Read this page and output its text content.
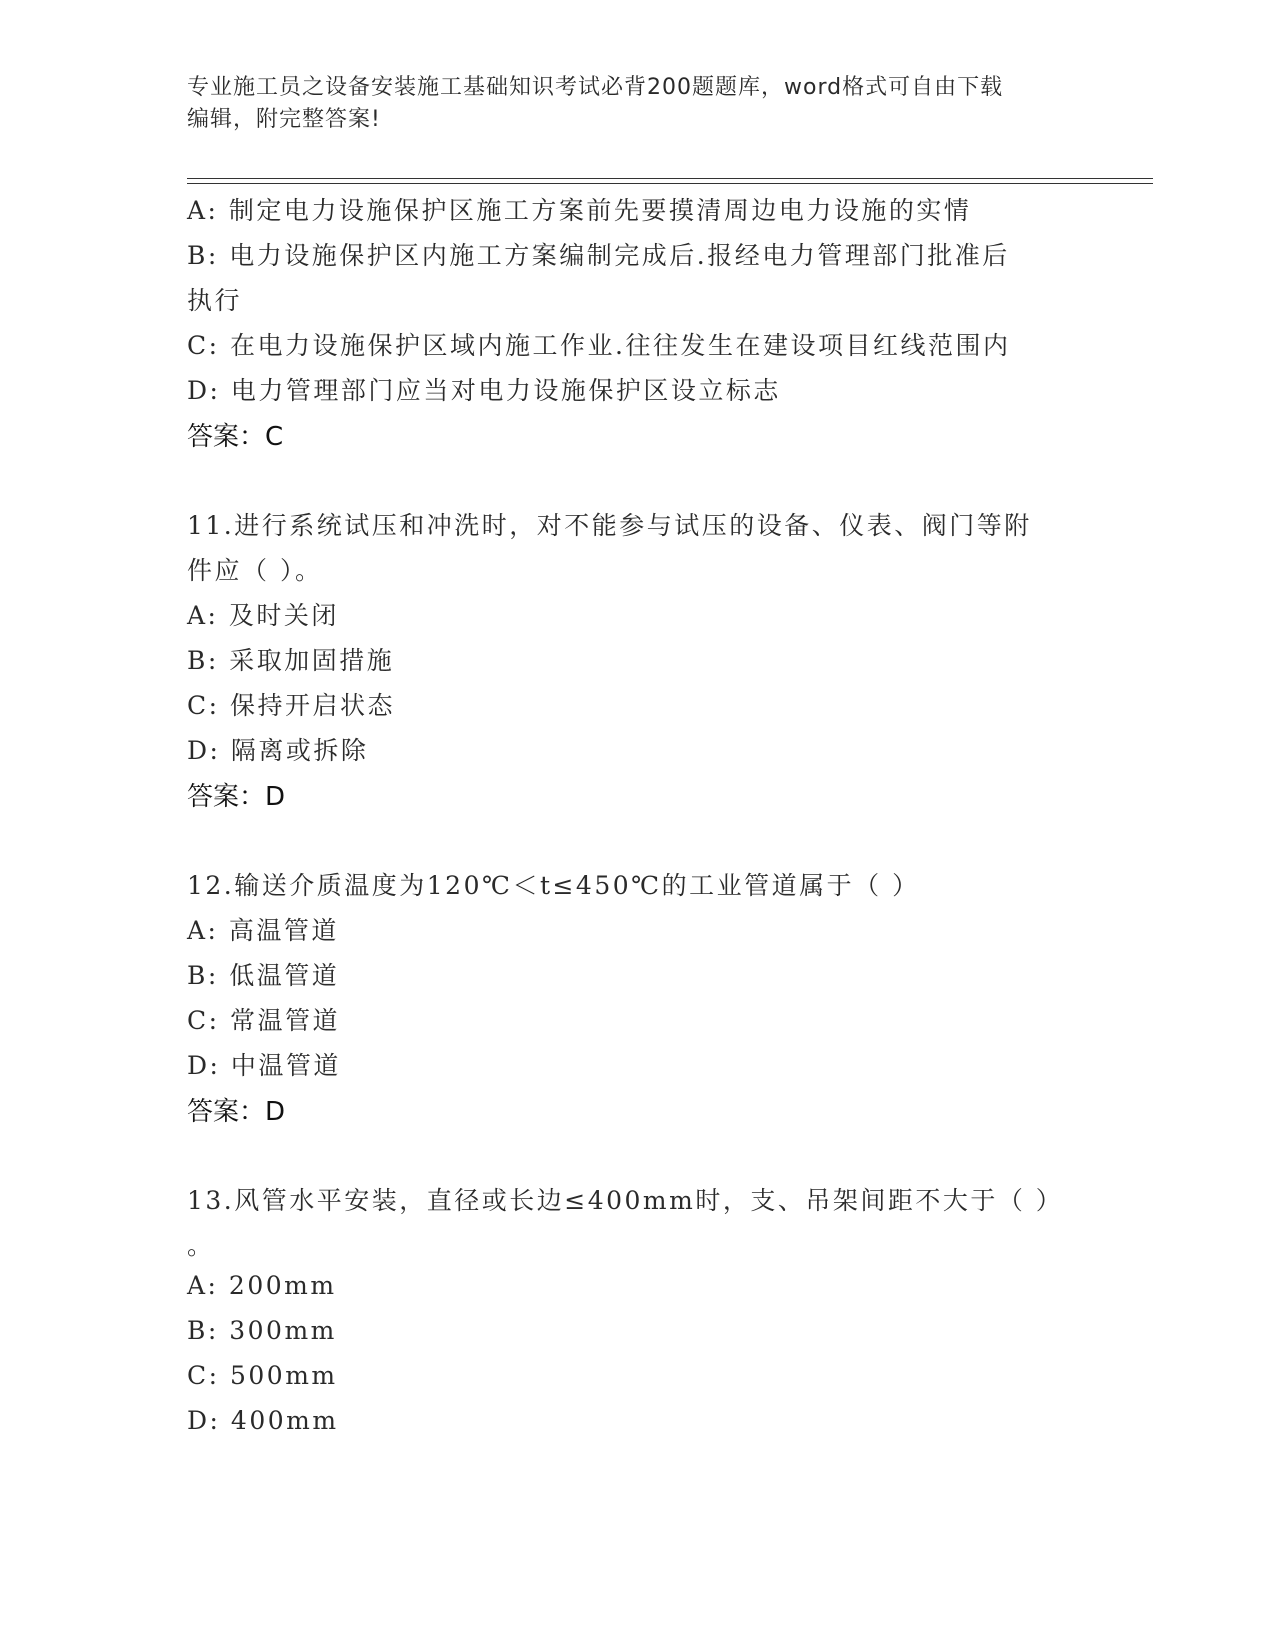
专业施工员之设备安装施工基础知识考试必背200题题库，word格式可自由下载
编辑，附完整答案!
A: 制定电力设施保护区施工方案前先要摸清周边电力设施的实情
B: 电力设施保护区内施工方案编制完成后.报经电力管理部门批准后
执行
C: 在电力设施保护区域内施工作业.往往发生在建设项目红线范围内
D: 电力管理部门应当对电力设施保护区设立标志
答案：C
11.进行系统试压和冲洗时，对不能参与试压的设备、仪表、阀门等附
件应（ ）。
A: 及时关闭
B: 采取加固措施
C: 保持开启状态
D: 隔离或拆除
答案：D
12.输送介质温度为120℃＜t≤450℃的工业管道属于（ ）
A: 高温管道
B: 低温管道
C: 常温管道
D: 中温管道
答案：D
13.风管水平安装，直径或长边≤400mm时，支、吊架间距不大于（ ）
。
A: 200mm
B: 300mm
C: 500mm
D: 400mm
